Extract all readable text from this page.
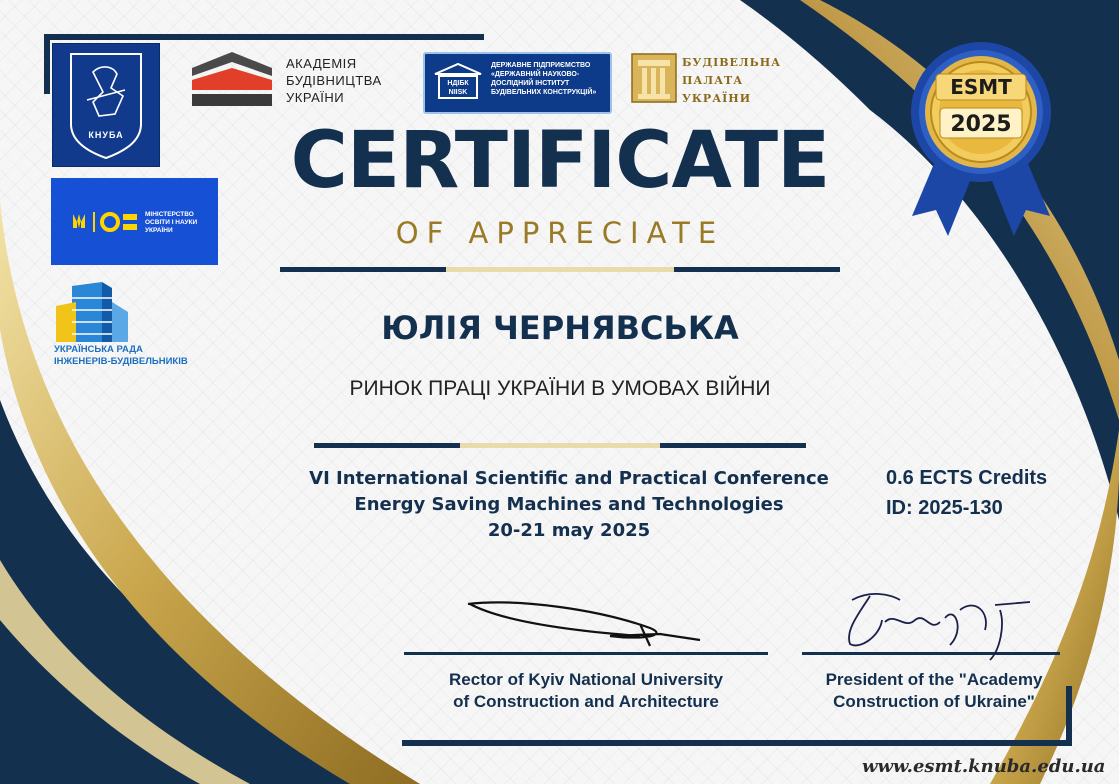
КНУБА
АКАДЕМІЯ
БУДІВНИЦТВА
УКРАЇНИ
НДІБК
NIISK
ДЕРЖАВНЕ ПІДПРИЄМСТВО
«ДЕРЖАВНИЙ НАУКОВО-
ДОСЛІДНИЙ ІНСТИТУТ
БУДІВЕЛЬНИХ КОНСТРУКЦІЙ»
БУДІВЕЛЬНА
ПАЛАТА
УКРАЇНИ
МІНІСТЕРСТВО
ОСВІТИ І НАУКИ
УКРАЇНИ
УКРАЇНСЬКА РАДА
ІНЖЕНЕРІВ-БУДІВЕЛЬНИКІВ
ESMT
2025
CERTIFICATE
OF APPRECIATE
ЮЛІЯ ЧЕРНЯВСЬКА
РИНОК ПРАЦІ УКРАЇНИ В УМОВАХ ВІЙНИ
VI International Scientific and Practical Conference
Energy Saving Machines and Technologies
20-21 may 2025
0.6 ECTS Credits
ID: 2025-130
Rector of Kyiv National University
of Construction and Architecture
President of the "Academy
Construction of Ukraine"
www.esmt.knuba.edu.ua
